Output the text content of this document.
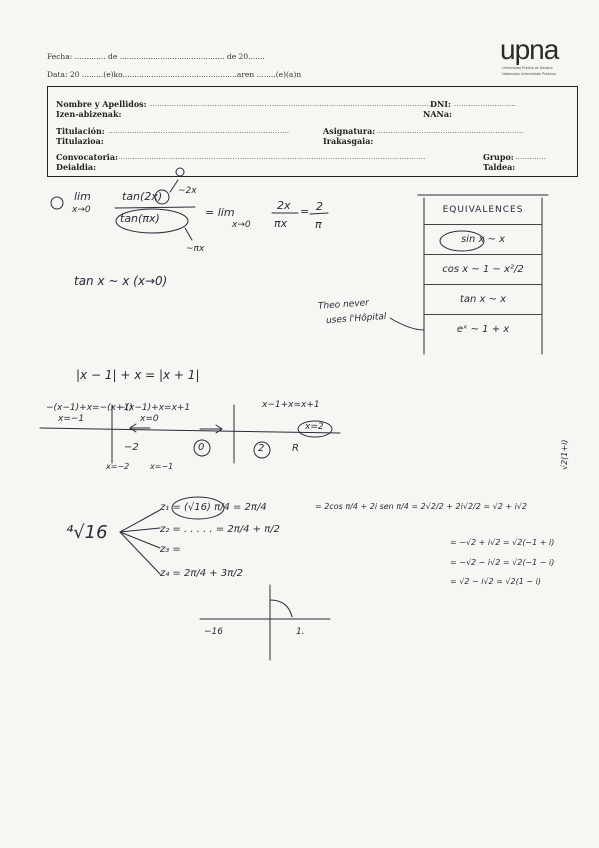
Fecha: ............. de ............................................ de 20.......
Data: 20 .........(e)ko................................................aren ........(e)(a)n
upna
Universidad Pública de Navarra
Nafarroako Unibertsitate Publikoa
Nombre y Apellidos: .......................................................................................................................
Izen-abizenak:
DNI: ..........................
NANa:
Titulación: ............................................................................
Titulazioa:
Asignatura: ..............................................................
Irakasgaia:
Convocatoria: .................................................................................................................................
Deialdia:
Grupo: .............
Taldea:
lim
x→0
tan(2x)
tan(πx)
~2x
~πx
= lim
x→0
2x
πx
= 2
π
tan x ~ x (x→0)
EQUIVALENCES
sin x ~ x
cos x ~ 1 − x²/2
tan x ~ x
eˣ ~ 1 + x
Theo never
uses l'Hôpital
|x − 1| + x = |x + 1|
−(x−1)+x=−(x+1)
x=−1
−(x−1)+x=x+1
x=0
x−1+x=x+1
x=2
−2	0	2	R
x=−2	x=−1
⁴√16
z₁ = (√16) π/4 = 2π/4
z₂ = . . . . . = 2π/4 + π/2
z₃ =
z₄ = 2π/4 + 3π/2
= 2cos π/4 + 2i sen π/4 = 2√2/2 + 2i√2/2 = √2 + i√2
= −√2 + i√2 = √2(−1 + i)
= −√2 − i√2 = √2(−1 − i)
= √2 − i√2 = √2(1 − i)
√2(1+i)
−16	1.
